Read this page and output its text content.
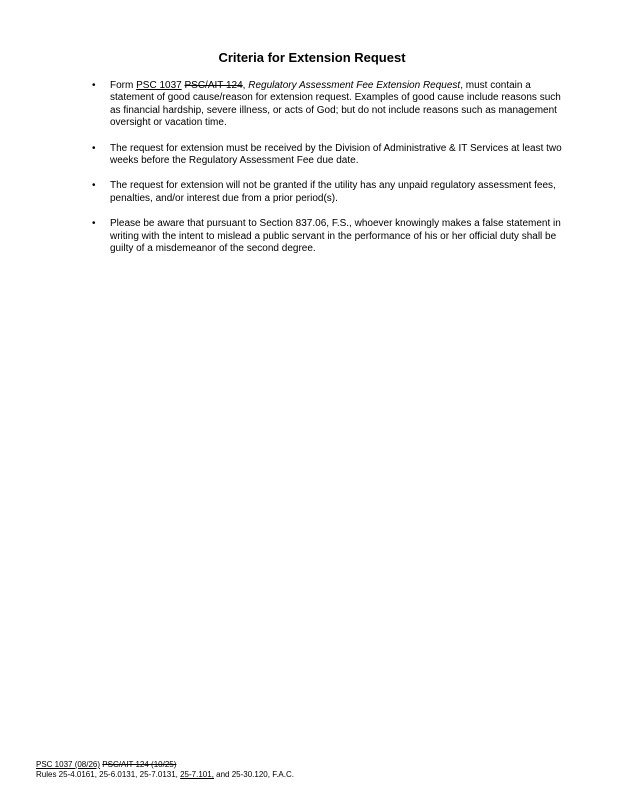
Criteria for Extension Request
• Form PSC 1037 PSC/AIT 124, Regulatory Assessment Fee Extension Request, must contain a statement of good cause/reason for extension request. Examples of good cause include reasons such as financial hardship, severe illness, or acts of God; but do not include reasons such as management oversight or vacation time.
• The request for extension must be received by the Division of Administrative & IT Services at least two weeks before the Regulatory Assessment Fee due date.
• The request for extension will not be granted if the utility has any unpaid regulatory assessment fees, penalties, and/or interest due from a prior period(s).
• Please be aware that pursuant to Section 837.06, F.S., whoever knowingly makes a false statement in writing with the intent to mislead a public servant in the performance of his or her official duty shall be guilty of a misdemeanor of the second degree.
PSC 1037 (08/26) PSC/AIT 124 (10/25)
Rules 25-4.0161, 25-6.0131, 25-7.0131, 25-7.101, and 25-30.120, F.A.C.
